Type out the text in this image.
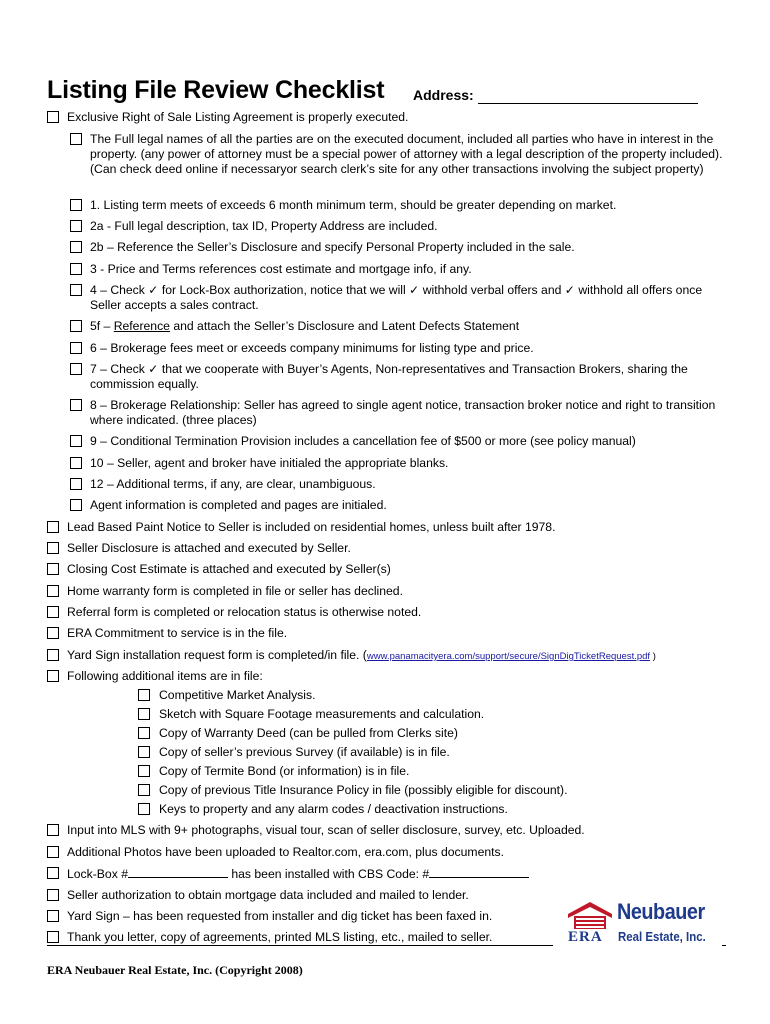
Listing File Review Checklist Address:
Exclusive Right of Sale Listing Agreement is properly executed.
The Full legal names of all the parties are on the executed document, included all parties who have in interest in the property. (any power of attorney must be a special power of attorney with a legal description of the property included). (Can check deed online if necessaryor search clerk’s site for any other transactions involving the subject property)
1. Listing term meets of exceeds 6 month minimum term, should be greater depending on market.
2a - Full legal description, tax ID, Property Address are included.
2b – Reference the Seller’s Disclosure and specify Personal Property included in the sale.
3 - Price and Terms references cost estimate and mortgage info, if any.
4 – Check ✓ for Lock-Box authorization, notice that we will ✓ withhold verbal offers and ✓ withhold all offers once Seller accepts a sales contract.
5f – Reference and attach the Seller’s Disclosure and Latent Defects Statement
6 – Brokerage fees meet or exceeds company minimums for listing type and price.
7 – Check ✓ that we cooperate with Buyer’s Agents, Non-representatives and Transaction Brokers, sharing the commission equally.
8 – Brokerage Relationship: Seller has agreed to single agent notice, transaction broker notice and right to transition where indicated. (three places)
9 – Conditional Termination Provision includes a cancellation fee of $500 or more (see policy manual)
10 – Seller, agent and broker have initialed the appropriate blanks.
12 – Additional terms, if any, are clear, unambiguous.
Agent information is completed and pages are initialed.
Lead Based Paint Notice to Seller is included on residential homes, unless built after 1978.
Seller Disclosure is attached and executed by Seller.
Closing Cost Estimate is attached and executed by Seller(s)
Home warranty form is completed in file or seller has declined.
Referral form is completed or relocation status is otherwise noted.
ERA Commitment to service is in the file.
Yard Sign installation request form is completed/in file. (www.panamacityera.com/support/secure/SignDigTicketRequest.pdf )
Following additional items are in file:
Competitive Market Analysis.
Sketch with Square Footage measurements and calculation.
Copy of Warranty Deed (can be pulled from Clerks site)
Copy of seller’s previous Survey (if available) is in file.
Copy of Termite Bond (or information) is in file.
Copy of previous Title Insurance Policy in file (possibly eligible for discount).
Keys to property and any alarm codes / deactivation instructions.
Input into MLS with 9+ photographs, visual tour, scan of seller disclosure, survey, etc. Uploaded.
Additional Photos have been uploaded to Realtor.com, era.com, plus documents.
Lock-Box #	has been installed with CBS Code: #
Seller authorization to obtain mortgage data included and mailed to lender.
Yard Sign – has been requested from installer and dig ticket has been faxed in.
Thank you letter, copy of agreements, printed MLS listing, etc., mailed to seller.
Neubauer
ERA Real Estate, Inc.
ERA Neubauer Real Estate, Inc. (Copyright 2008)
